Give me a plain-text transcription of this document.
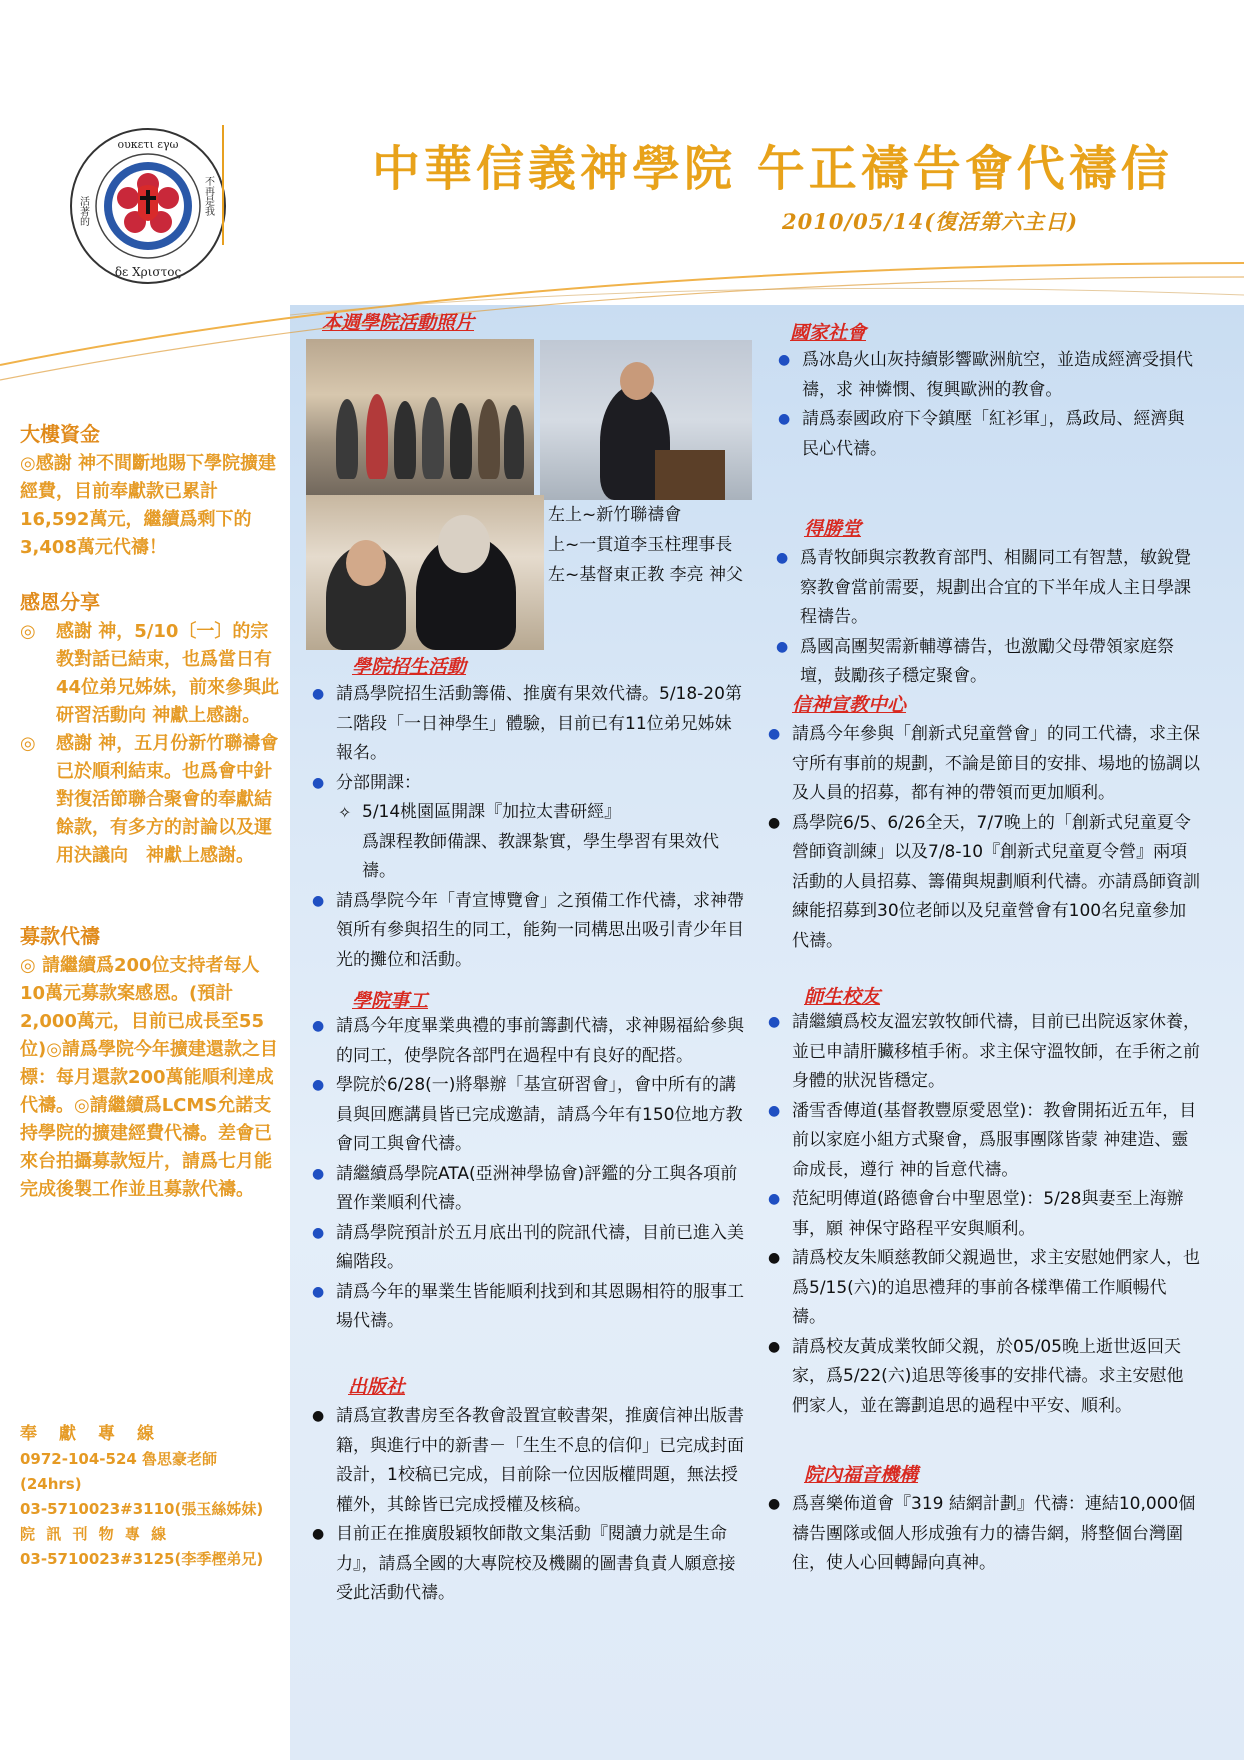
ουκετι εγω
δε Χριστος
活著的	不再是我	中華信義神學院 午正禱告會代禱信
2010/05/14(復活第六主日)
大樓資金

◎感謝 神不間斷地賜下學院擴建經費，目前奉獻款已累計16,592萬元，繼續爲剩下的3,408萬元代禱！

感恩分享
◎	感謝 神，5/10〔一〕的宗教對話已結束，也爲當日有44位弟兄姊妹，前來參與此研習活動向 神獻上感謝。
◎	感謝 神，五月份新竹聯禱會已於順利結束。也爲會中針對復活節聯合聚會的奉獻結餘款，有多方的討論以及運用決議向　神獻上感謝。
募款代禱

◎ 請繼續爲200位支持者每人10萬元募款案感恩。(預計2,000萬元，目前已成長至55位)◎請爲學院今年擴建還款之目標：每月還款200萬能順利達成代禱。◎請繼續爲LCMS允諾支持學院的擴建經費代禱。差會已來台拍攝募款短片，請爲七月能完成後製工作並且募款代禱。

奉獻專線
0972-104-524 魯思豪老師
(24hrs)
03-5710023#3110(張玉絲姊妹)
院 訊 刊 物 專 線
03-5710023#3125(李季樫弟兄)
本週學院活動照片
左上~新竹聯禱會
上~一貫道李玉柱理事長
左~基督東正教 李亮 神父
學院招生活動
● 請爲學院招生活動籌備、推廣有果效代禱。5/18-20第二階段「一日神學生」體驗，目前已有11位弟兄姊妹報名。
● 分部開課：
✧ 5/14桃園區開課『加拉太書研經』
爲課程教師備課、教課紮實，學生學習有果效代禱。
● 請爲學院今年「青宣博覽會」之預備工作代禱，求神帶領所有參與招生的同工，能夠一同構思出吸引青少年目光的攤位和活動。
學院事工
● 請爲今年度畢業典禮的事前籌劃代禱，求神賜福給參與的同工，使學院各部門在過程中有良好的配搭。
● 學院於6/28(一)將舉辦「基宣研習會」，會中所有的講員與回應講員皆已完成邀請，請爲今年有150位地方教會同工與會代禱。
● 請繼續爲學院ATA(亞洲神學協會)評鑑的分工與各項前置作業順利代禱。
● 請爲學院預計於五月底出刊的院訊代禱，目前已進入美編階段。
● 請爲今年的畢業生皆能順利找到和其恩賜相符的服事工場代禱。
出版社
● 請爲宣教書房至各教會設置宣較書架，推廣信神出版書籍，與進行中的新書－「生生不息的信仰」已完成封面設計，1校稿已完成，目前除一位因版權問題，無法授權外，其餘皆已完成授權及核稿。
● 目前正在推廣殷穎牧師散文集活動『閱讀力就是生命力』，請爲全國的大專院校及機關的圖書負責人願意接受此活動代禱。
國家社會
● 爲冰島火山灰持續影響歐洲航空，並造成經濟受損代禱，求 神憐憫、復興歐洲的教會。
● 請爲泰國政府下令鎮壓「紅衫軍」，爲政局、經濟與民心代禱。
得勝堂
● 爲青牧師與宗教教育部門、相關同工有智慧，敏銳覺察教會當前需要，規劃出合宜的下半年成人主日學課程禱告。
● 爲國高團契需新輔導禱告，也激勵父母帶領家庭祭壇，鼓勵孩子穩定聚會。
信神宣教中心
● 請爲今年參與「創新式兒童營會」的同工代禱，求主保守所有事前的規劃，不論是節目的安排、場地的協調以及人員的招募，都有神的帶領而更加順利。
● 爲學院6/5、6/26全天，7/7晚上的「創新式兒童夏令營師資訓練」以及7/8-10『創新式兒童夏令營』兩項活動的人員招募、籌備與規劃順利代禱。亦請爲師資訓練能招募到30位老師以及兒童營會有100名兒童參加代禱。
師生校友
● 請繼續爲校友溫宏敦牧師代禱，目前已出院返家休養，並已申請肝臟移植手術。求主保守溫牧師，在手術之前身體的狀況皆穩定。
● 潘雪香傳道(基督教豐原愛恩堂)：教會開拓近五年，目前以家庭小組方式聚會，爲服事團隊皆蒙 神建造、靈命成長，遵行 神的旨意代禱。
● 范紀明傳道(路德會台中聖恩堂)：5/28與妻至上海辦事，願 神保守路程平安與順利。
● 請爲校友朱順慈教師父親過世，求主安慰她們家人，也爲5/15(六)的追思禮拜的事前各樣準備工作順暢代禱。
● 請爲校友黃成業牧師父親，於05/05晚上逝世返回天家，爲5/22(六)追思等後事的安排代禱。求主安慰他們家人，並在籌劃追思的過程中平安、順利。
院內福音機構
● 爲喜樂佈道會『319 結網計劃』代禱：連結10,000個禱告團隊或個人形成強有力的禱告網，將整個台灣圍住，使人心回轉歸向真神。
